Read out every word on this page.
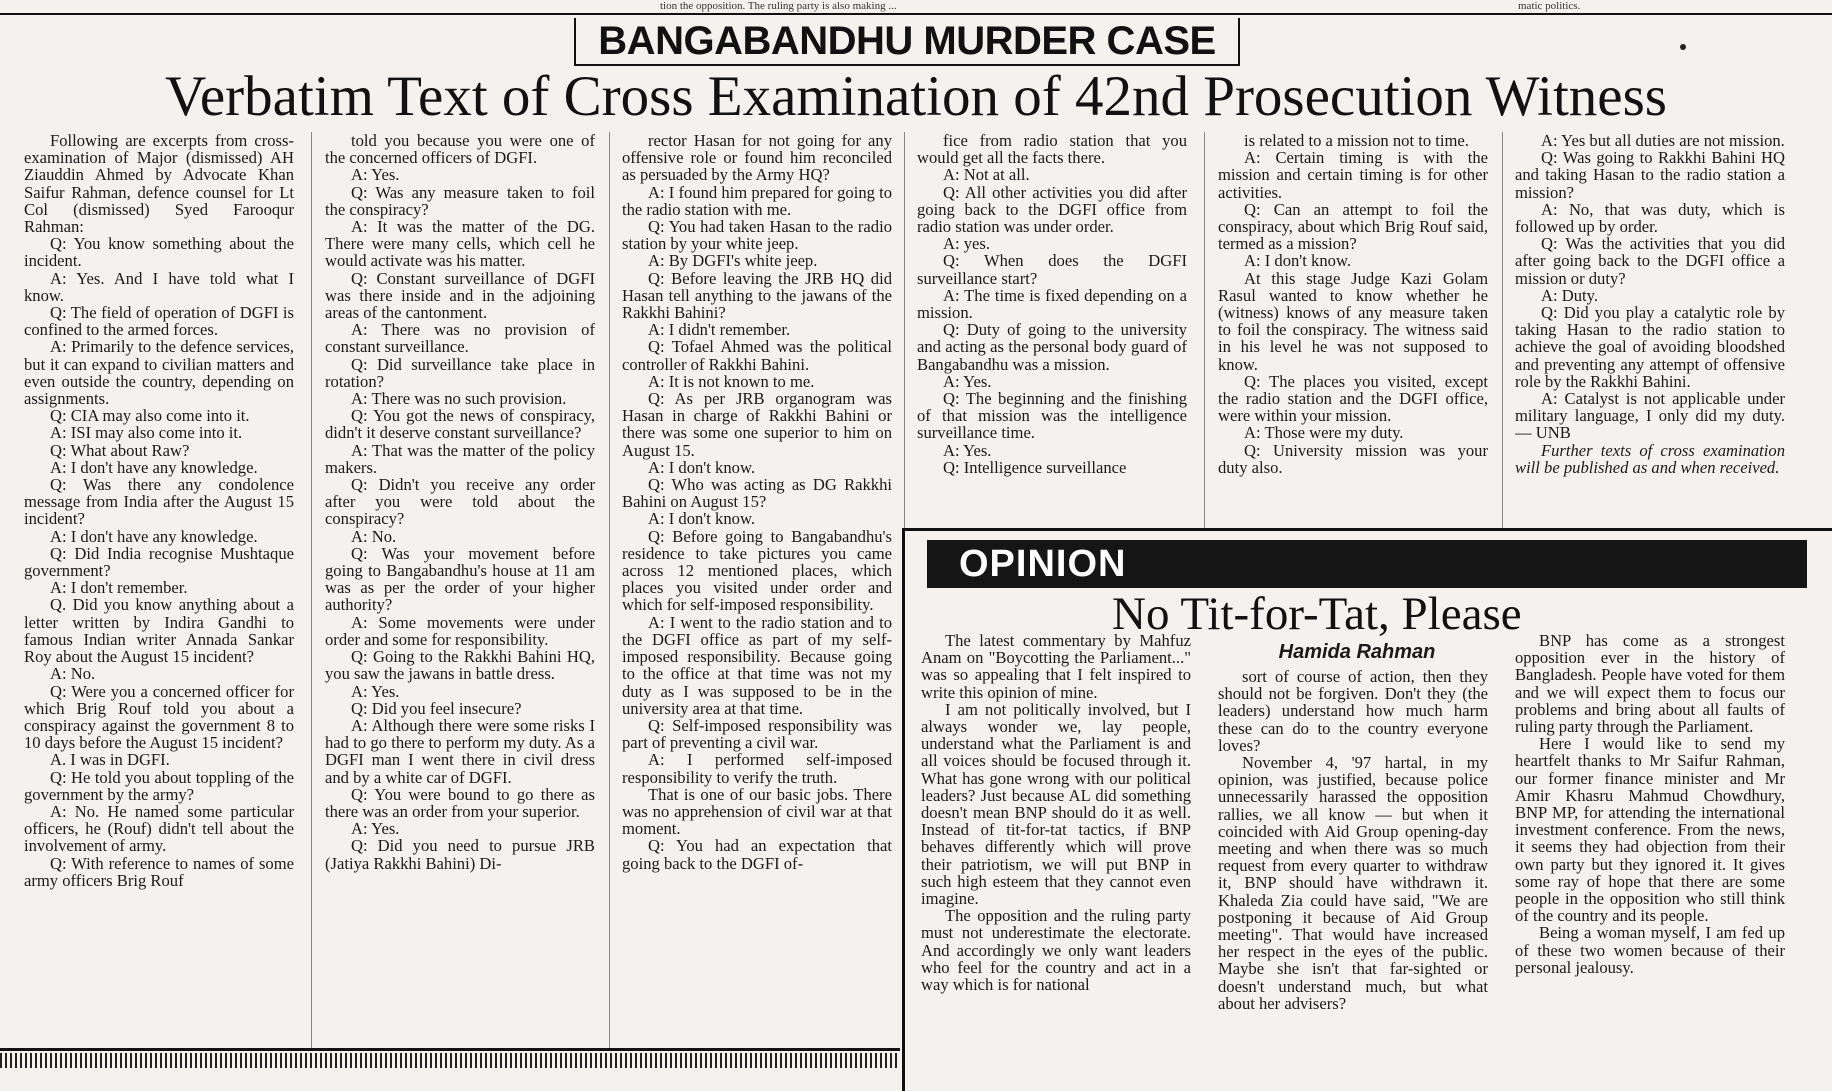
tion the opposition. The ruling party is also making ...	matic politics.
BANGABANDHU MURDER CASE
Verbatim Text of Cross Examination of 42nd Prosecution Witness

Following are excerpts from cross-examination of Major (dismissed) AH Ziauddin Ahmed by Advocate Khan Saifur Rahman, defence counsel for Lt Col (dismissed) Syed Farooqur Rahman:

Q: You know something about the incident.

A: Yes. And I have told what I know.

Q: The field of operation of DGFI is confined to the armed forces.

A: Primarily to the defence services, but it can expand to civilian matters and even outside the country, depending on assignments.

Q: CIA may also come into it.

A: ISI may also come into it.

Q: What about Raw?

A: I don't have any knowledge.

Q: Was there any condolence message from India after the August 15 incident?

A: I don't have any knowledge.

Q: Did India recognise Mushtaque government?

A: I don't remember.

Q. Did you know anything about a letter written by Indira Gandhi to famous Indian writer Annada Sankar Roy about the August 15 incident?

A: No.

Q: Were you a concerned officer for which Brig Rouf told you about a conspiracy against the government 8 to 10 days before the August 15 incident?

A. I was in DGFI.

Q: He told you about toppling of the government by the army?

A: No. He named some particular officers, he (Rouf) didn't tell about the involvement of army.

Q: With reference to names of some army officers Brig Rouf

told you because you were one of the concerned officers of DGFI.

A: Yes.

Q: Was any measure taken to foil the conspiracy?

A: It was the matter of the DG. There were many cells, which cell he would activate was his matter.

Q: Constant surveillance of DGFI was there inside and in the adjoining areas of the cantonment.

A: There was no provision of constant surveillance.

Q: Did surveillance take place in rotation?

A: There was no such provision.

Q: You got the news of conspiracy, didn't it deserve constant surveillance?

A: That was the matter of the policy makers.

Q: Didn't you receive any order after you were told about the conspiracy?

A: No.

Q: Was your movement before going to Bangabandhu's house at 11 am was as per the order of your higher authority?

A: Some movements were under order and some for responsibility.

Q: Going to the Rakkhi Bahini HQ, you saw the jawans in battle dress.

A: Yes.

Q: Did you feel insecure?

A: Although there were some risks I had to go there to perform my duty. As a DGFI man I went there in civil dress and by a white car of DGFI.

Q: You were bound to go there as there was an order from your superior.

A: Yes.

Q: Did you need to pursue JRB (Jatiya Rakkhi Bahini) Di-

rector Hasan for not going for any offensive role or found him reconciled as persuaded by the Army HQ?

A: I found him prepared for going to the radio station with me.

Q: You had taken Hasan to the radio station by your white jeep.

A: By DGFI's white jeep.

Q: Before leaving the JRB HQ did Hasan tell anything to the jawans of the Rakkhi Bahini?

A: I didn't remember.

Q: Tofael Ahmed was the political controller of Rakkhi Bahini.

A: It is not known to me.

Q: As per JRB organogram was Hasan in charge of Rakkhi Bahini or there was some one superior to him on August 15.

A: I don't know.

Q: Who was acting as DG Rakkhi Bahini on August 15?

A: I don't know.

Q: Before going to Bangabandhu's residence to take pictures you came across 12 mentioned places, which places you visited under order and which for self-imposed responsibility.

A: I went to the radio station and to the DGFI office as part of my self-imposed responsibility. Because going to the office at that time was not my duty as I was supposed to be in the university area at that time.

Q: Self-imposed responsibility was part of preventing a civil war.

A: I performed self-imposed responsibility to verify the truth.

That is one of our basic jobs. There was no apprehension of civil war at that moment.

Q: You had an expectation that going back to the DGFI of-

fice from radio station that you would get all the facts there.

A: Not at all.

Q: All other activities you did after going back to the DGFI office from radio station was under order.

A: yes.

Q: When does the DGFI surveillance start?

A: The time is fixed depending on a mission.

Q: Duty of going to the university and acting as the personal body guard of Bangabandhu was a mission.

A: Yes.

Q: The beginning and the finishing of that mission was the intelligence surveillance time.

A: Yes.

Q: Intelligence surveillance

is related to a mission not to time.

A: Certain timing is with the mission and certain timing is for other activities.

Q: Can an attempt to foil the conspiracy, about which Brig Rouf said, termed as a mission?

A: I don't know.

At this stage Judge Kazi Golam Rasul wanted to know whether he (witness) knows of any measure taken to foil the conspiracy. The witness said in his level he was not supposed to know.

Q: The places you visited, except the radio station and the DGFI office, were within your mission.

A: Those were my duty.

Q: University mission was your duty also.

A: Yes but all duties are not mission.

Q: Was going to Rakkhi Bahini HQ and taking Hasan to the radio station a mission?

A: No, that was duty, which is followed up by order.

Q: Was the activities that you did after going back to the DGFI office a mission or duty?

A: Duty.

Q: Did you play a catalytic role by taking Hasan to the radio station to achieve the goal of avoiding bloodshed and preventing any attempt of offensive role by the Rakkhi Bahini.

A: Catalyst is not applicable under military language, I only did my duty. — UNB

Further texts of cross examination will be published as and when received.

OPINION
No Tit-for-Tat, Please
Hamida Rahman

The latest commentary by Mahfuz Anam on "Boycotting the Parliament..." was so appealing that I felt inspired to write this opinion of mine.

I am not politically involved, but I always wonder we, lay people, understand what the Parliament is and all voices should be focused through it. What has gone wrong with our political leaders? Just because AL did something doesn't mean BNP should do it as well. Instead of tit-for-tat tactics, if BNP behaves differently which will prove their patriotism, we will put BNP in such high esteem that they cannot even imagine.

The opposition and the ruling party must not underestimate the electorate. And accordingly we only want leaders who feel for the country and act in a way which is for national

sort of course of action, then they should not be forgiven. Don't they (the leaders) understand how much harm these can do to the country everyone loves?

November 4, '97 hartal, in my opinion, was justified, because police unnecessarily harassed the opposition rallies, we all know — but when it coincided with Aid Group opening-day meeting and when there was so much request from every quarter to withdraw it, BNP should have withdrawn it. Khaleda Zia could have said, "We are postponing it because of Aid Group meeting". That would have increased her respect in the eyes of the public. Maybe she isn't that far-sighted or doesn't understand much, but what about her advisers?

BNP has come as a strongest opposition ever in the history of Bangladesh. People have voted for them and we will expect them to focus our problems and bring about all faults of ruling party through the Parliament.

Here I would like to send my heartfelt thanks to Mr Saifur Rahman, our former finance minister and Mr Amir Khasru Mahmud Chowdhury, BNP MP, for attending the international investment conference. From the news, it seems they had objection from their own party but they ignored it. It gives some ray of hope that there are some people in the opposition who still think of the country and its people.

Being a woman myself, I am fed up of these two women because of their personal jealousy.
